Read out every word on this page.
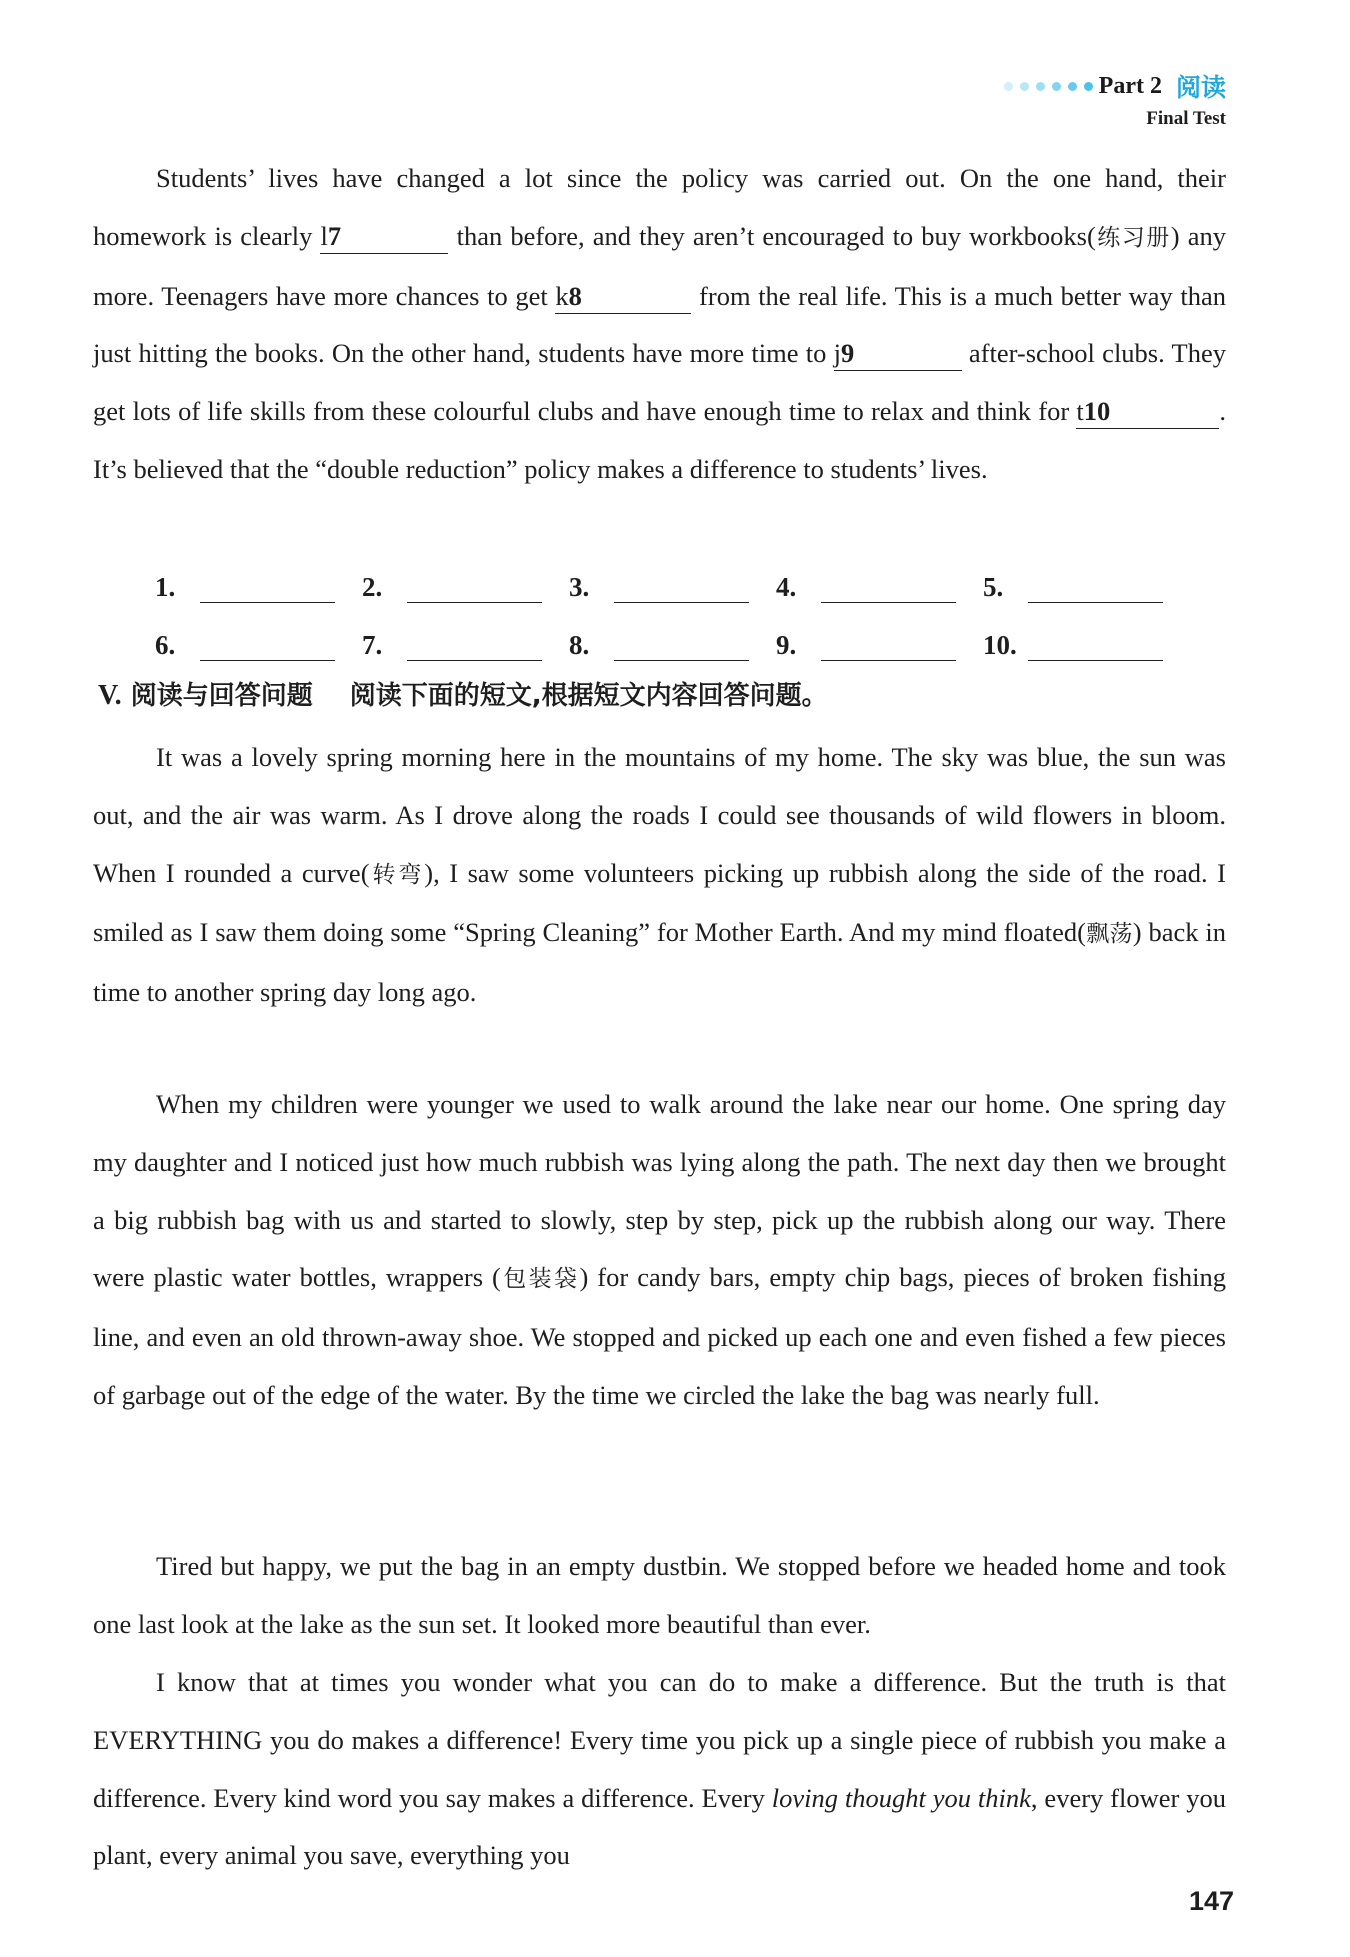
Part 2 阅读
Final Test

Students’ lives have changed a lot since the policy was carried out. On the one hand, their homework is clearly l 7	than before, and they aren’t encouraged to buy workbooks(练习册) any more. Teenagers have more chances to get k 8	from the real life. This is a much better way than just hitting the books. On the other hand, students have more time to j 9	after-school clubs. They get lots of life skills from these colourful clubs and have enough time to relax and think for t 10	. It’s believed that the “double reduction” policy makes a difference to students’ lives.

1.	2.	3.	4.	5.
6.	7.	8.	9.	10.
V. 阅读与回答问题 阅读下面的短文,根据短文内容回答问题。

It was a lovely spring morning here in the mountains of my home. The sky was blue, the sun was out, and the air was warm. As I drove along the roads I could see thousands of wild flowers in bloom. When I rounded a curve(转弯), I saw some volunteers picking up rubbish along the side of the road. I smiled as I saw them doing some “Spring Cleaning” for Mother Earth. And my mind floated(飘荡) back in time to another spring day long ago.

When my children were younger we used to walk around the lake near our home. One spring day my daughter and I noticed just how much rubbish was lying along the path. The next day then we brought a big rubbish bag with us and started to slowly, step by step, pick up the rubbish along our way. There were plastic water bottles, wrappers (包装袋) for candy bars, empty chip bags, pieces of broken fishing line, and even an old thrown-away shoe. We stopped and picked up each one and even fished a few pieces of garbage out of the edge of the water. By the time we circled the lake the bag was nearly full.

Tired but happy, we put the bag in an empty dustbin. We stopped before we headed home and took one last look at the lake as the sun set. It looked more beautiful than ever.

I know that at times you wonder what you can do to make a difference. But the truth is that EVERYTHING you do makes a difference! Every time you pick up a single piece of rubbish you make a difference. Every kind word you say makes a difference. Every loving thought you think, every flower you plant, every animal you save, everything you

147
